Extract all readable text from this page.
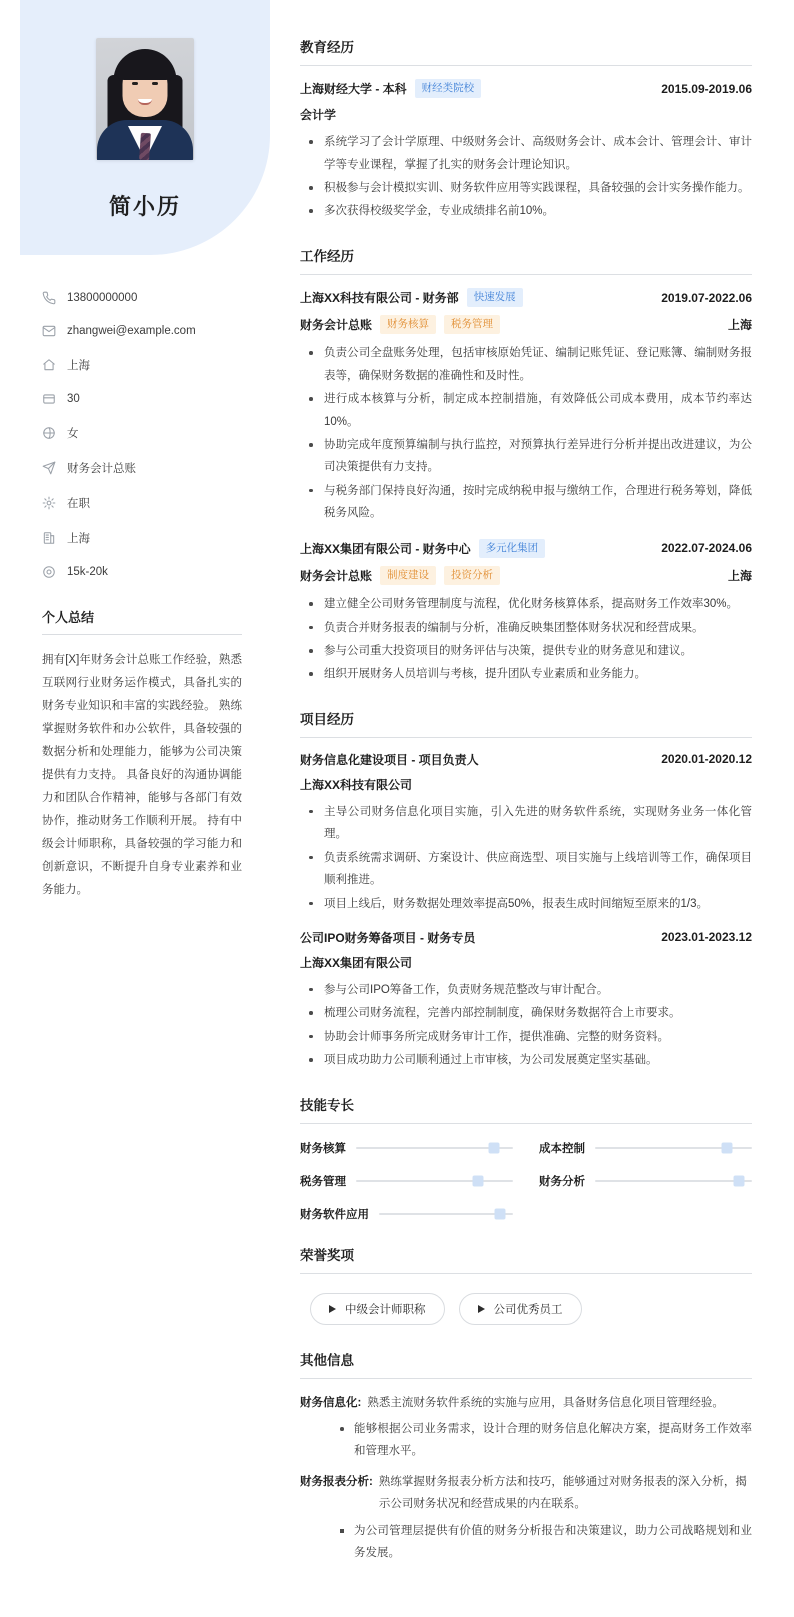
简小历
13800000000
zhangwei@example.com
上海
30
女
财务会计总账
在职
上海
15k-20k
个人总结
拥有[X]年财务会计总账工作经验，熟悉互联网行业财务运作模式，具备扎实的财务专业知识和丰富的实践经验。 熟练掌握财务软件和办公软件，具备较强的数据分析和处理能力，能够为公司决策提供有力支持。 具备良好的沟通协调能力和团队合作精神，能够与各部门有效协作，推动财务工作顺利开展。 持有中级会计师职称，具备较强的学习能力和创新意识，不断提升自身专业素养和业务能力。
教育经历
上海财经大学 - 本科	财经类院校	2015.09-2019.06
会计学
系统学习了会计学原理、中级财务会计、高级财务会计、成本会计、管理会计、审计学等专业课程，掌握了扎实的财务会计理论知识。
积极参与会计模拟实训、财务软件应用等实践课程，具备较强的会计实务操作能力。
多次获得校级奖学金，专业成绩排名前10%。
工作经历
上海XX科技有限公司 - 财务部	快速发展	2019.07-2022.06
财务会计总账	财务核算	税务管理	上海
负责公司全盘账务处理，包括审核原始凭证、编制记账凭证、登记账簿、编制财务报表等，确保财务数据的准确性和及时性。
进行成本核算与分析，制定成本控制措施，有效降低公司成本费用，成本节约率达10%。
协助完成年度预算编制与执行监控，对预算执行差异进行分析并提出改进建议，为公司决策提供有力支持。
与税务部门保持良好沟通，按时完成纳税申报与缴纳工作，合理进行税务筹划，降低税务风险。
上海XX集团有限公司 - 财务中心	多元化集团	2022.07-2024.06
财务会计总账	制度建设	投资分析	上海
建立健全公司财务管理制度与流程，优化财务核算体系，提高财务工作效率30%。
负责合并财务报表的编制与分析，准确反映集团整体财务状况和经营成果。
参与公司重大投资项目的财务评估与决策，提供专业的财务意见和建议。
组织开展财务人员培训与考核，提升团队专业素质和业务能力。
项目经历
财务信息化建设项目 - 项目负责人	2020.01-2020.12
上海XX科技有限公司
主导公司财务信息化项目实施，引入先进的财务软件系统，实现财务业务一体化管理。
负责系统需求调研、方案设计、供应商选型、项目实施与上线培训等工作，确保项目顺利推进。
项目上线后，财务数据处理效率提高50%，报表生成时间缩短至原来的1/3。
公司IPO财务筹备项目 - 财务专员	2023.01-2023.12
上海XX集团有限公司
参与公司IPO筹备工作，负责财务规范整改与审计配合。
梳理公司财务流程，完善内部控制制度，确保财务数据符合上市要求。
协助会计师事务所完成财务审计工作，提供准确、完整的财务资料。
项目成功助力公司顺利通过上市审核，为公司发展奠定坚实基础。
技能专长
财务核算	成本控制
税务管理	财务分析
财务软件应用
荣誉奖项
中级会计师职称	公司优秀员工
其他信息
财务信息化: 熟悉主流财务软件系统的实施与应用，具备财务信息化项目管理经验。
能够根据公司业务需求，设计合理的财务信息化解决方案，提高财务工作效率和管理水平。
财务报表分析: 熟练掌握财务报表分析方法和技巧，能够通过对财务报表的深入分析，揭示公司财务状况和经营成果的内在联系。
为公司管理层提供有价值的财务分析报告和决策建议，助力公司战略规划和业务发展。
